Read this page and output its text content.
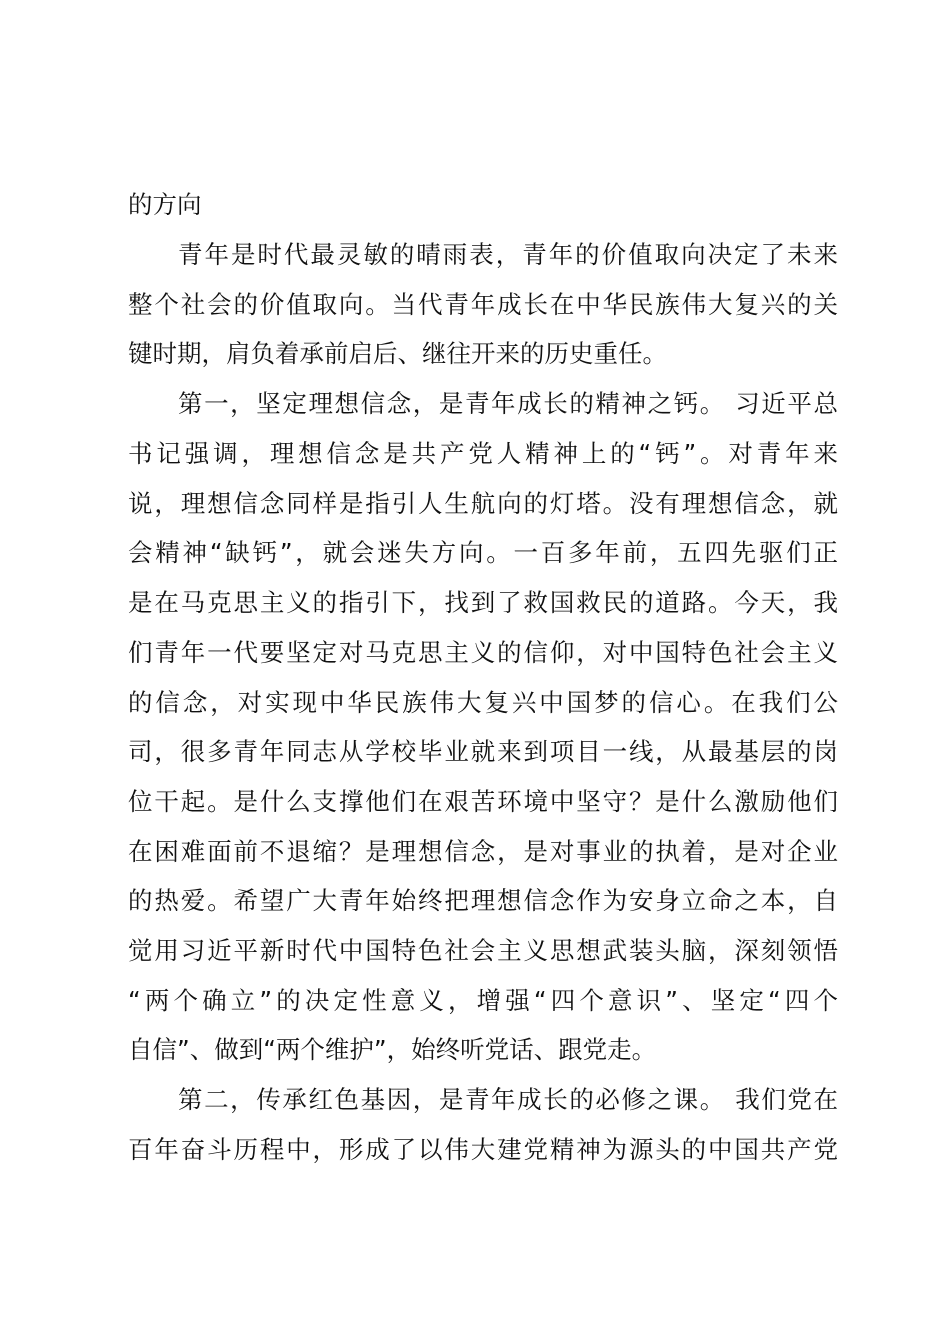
的方向
青年是时代最灵敏的晴雨表，青年的价值取向决定了未来
整个社会的价值取向。当代青年成长在中华民族伟大复兴的关
键时期，肩负着承前启后、继往开来的历史重任。
第一，坚定理想信念，是青年成长的精神之钙。 习近平总
书记强调，理想信念是共产党人精神上的“钙”。对青年来
说，理想信念同样是指引人生航向的灯塔。没有理想信念，就
会精神“缺钙”，就会迷失方向。一百多年前，五四先驱们正
是在马克思主义的指引下，找到了救国救民的道路。今天，我
们青年一代要坚定对马克思主义的信仰，对中国特色社会主义
的信念，对实现中华民族伟大复兴中国梦的信心。在我们公
司，很多青年同志从学校毕业就来到项目一线，从最基层的岗
位干起。是什么支撑他们在艰苦环境中坚守？是什么激励他们
在困难面前不退缩？是理想信念，是对事业的执着，是对企业
的热爱。希望广大青年始终把理想信念作为安身立命之本，自
觉用习近平新时代中国特色社会主义思想武装头脑，深刻领悟
“两个确立”的决定性意义，增强“四个意识”、坚定“四个
自信”、做到“两个维护”，始终听党话、跟党走。
第二，传承红色基因，是青年成长的必修之课。 我们党在
百年奋斗历程中，形成了以伟大建党精神为源头的中国共产党
